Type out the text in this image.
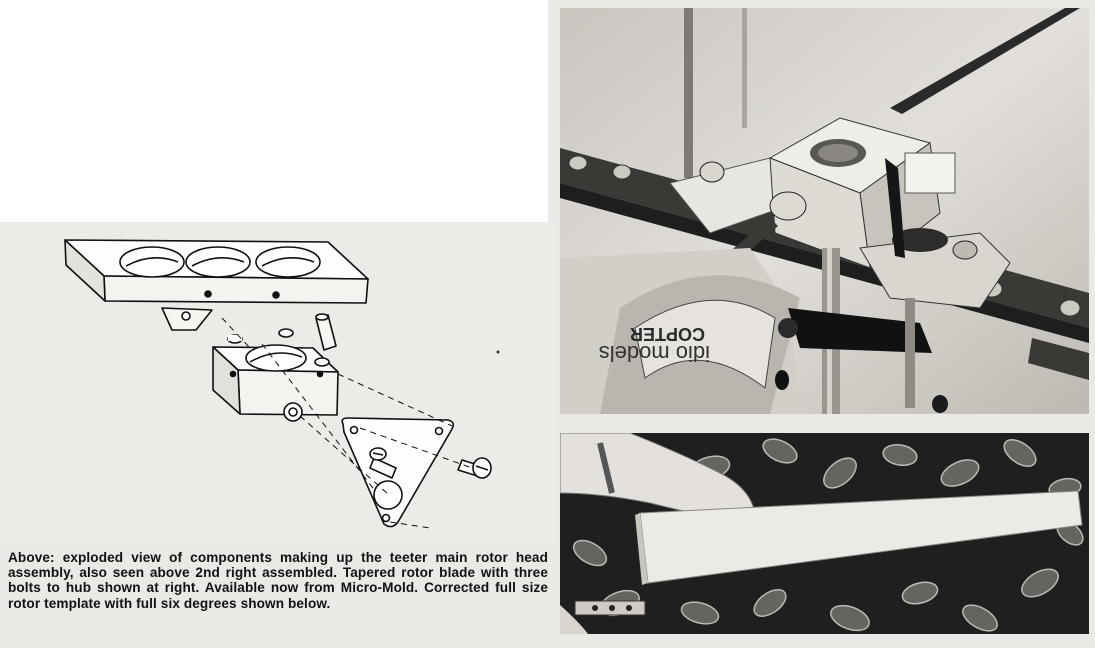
Above: exploded view of components making up the teeter main rotor head assembly, also seen above 2nd right assembled. Tapered rotor blade with three bolts to hub shown at right. Available now from Micro-Mold. Corrected full size rotor template with full six degrees shown below.
COPTER
idio models
